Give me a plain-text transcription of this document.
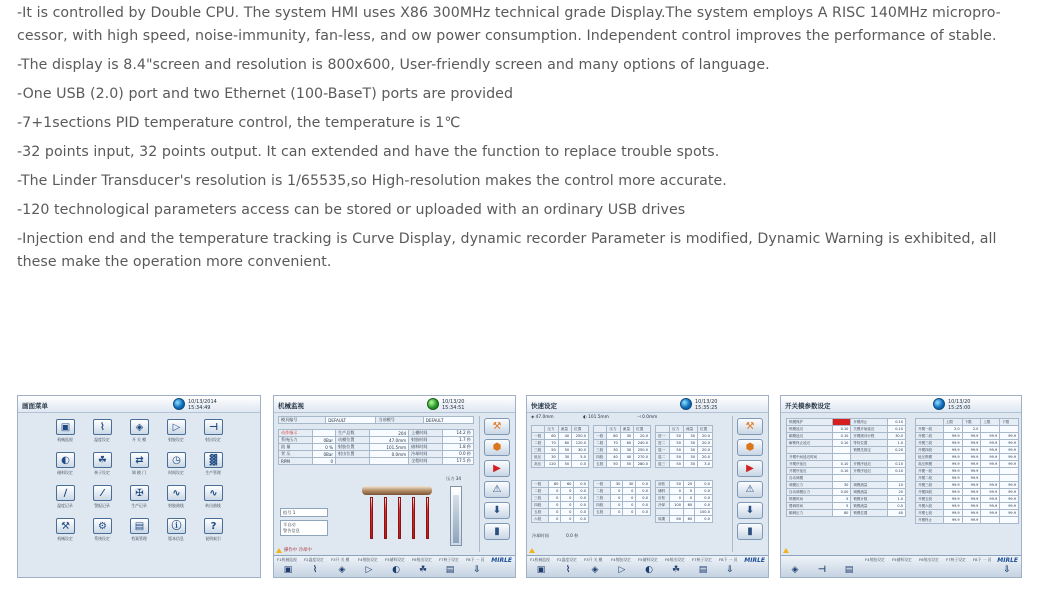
-It is controlled by Double CPU. The system HMI uses X86 300MHz technical grade Display.The system employs A RISC 140MHz micropro-
cessor, with high speed, noise-immunity, fan-less, and ow power consumption. Independent control improves the performance of stable.
-The display is 8.4"screen and resolution is 800x600, User-friendly screen and many options of language.
-One USB (2.0) port and two Ethernet (100-BaseT) ports are provided
-7+1sections PID temperature control, the temperature is 1℃
-32 points input, 32 points output. It can extended and have the function to replace trouble spots.
-The Linder Transducer's resolution is 1/65535,so High-resolution makes the control more accurate.
-120 technological parameters access can be stored or uploaded with an ordinary USB drives
-Injection end and the temperature tracking is Curve Display, dynamic recorder Parameter is modified, Dynamic Warning is exhibited, all
these make the operation more convenient.
画面菜单	10/13/2014
15:34:49
▣
机械监视
⌇
温度设定
◈
开 关 模
▷
射胶设定
⊣
射出设定
◐
储料设定
☘
核子设定
⇄
调 模 门
◷
时间设定
▓
生产管理
∕
温度记录
⁄
警报记录
✠
生产记录
∿
射胶曲线
∿
转出曲线
⚒
机械设定
⚙
系统设定
▤
档案管理
ⓘ
版本信息
?
说明索引
机械监视	10/13/20
15:34:51
模具编号	DEFAULT	当前模号	DEFAULT
动作指示		生产总数	204	上模时间	14.2 秒
系统压力	0Bar	动模位置	47.0mm	射胶时间	1.7 秒
流 量	0 %	射胶位置	101.5mm	储料时间	1.8 秒
背 压	0Bar	射出位置	0.0mm	冷却时间	0.0 秒
RPM	0			全程时间	17.5 秒
组号 1
半自动
警告信息
压力 34
⚒
⬢
▶
⚠
⬇
▮
操作中 冷却中
MIRLE
F1机械监视
▣
F2温度设定
⌇
F3开 关 模
◈
F4射胶设定
▷
F5储料设定
◐
F6射出设定
☘
F7核子设定
▤
F8下 一 頁
⇩
快速设定	10/13/20
15:35:25
◈ 47.0mm	◐ 101.5mm	⊣ 0.0mm
	压力	流量	位置
一段	60	40	250.0
二段	70	60	120.0
三段	50	50	30.0
低压	30	30	5.0
高压	120	50	0.0
	压力	流量	位置
一段	80	30	20.0
二段	70	60	240.0
三段	30	30	250.0
四段	40	40	270.0
五段	50	50	280.0
	压力	流量	位置
进一	50	30	20.0
进二	50	30	20.0
退一	50	30	20.0
退二	50	30	20.0
退三	50	30	3.0
一段	60	60	0.0
二段	0	0	0.0
三段	0	0	0.0
四段	0	0	0.0
五段	0	0	0.0
六段	0	0	0.0
一段	30	30	0.0
二段	0	0	0.0
三段	0	0	0.0
四段	0	0	0.0
五段	0	0	0.0
前松	50	20	0.0
储料	0	0	0.0
后松	0	0	0.0
冷却	100	60	0.0
			100.0
周期	60	60	0.0
冷却时间	0.0 秒
⚒
⬢
▶
⚠
⬇
▮
MIRLE
F1机械监视
▣
F2温度设定
⌇
F3开 关 模
◈
F4射胶设定
▷
F5储料设定
◐
F6射出设定
☘
F7核子设定
▤
F8下 一 頁
⇩
开关模参数设定	10/13/20
15:25:00
锁模保护		开模终止	0.10
锁模延迟	0.10	关模开始延迟	0.10
顺模延迟	0.10	开模缓冲行程	30.0
解锁终止延迟	0.10	等待位置	1.0
		锁模先指定	0.20
开模中间延迟时间			
开模序延迟	0.10	开模序延迟	0.10
开模序延迟	0.10	开模序延迟	0.10
自动调模			
调模压力	30	调模流量	10
自动调模压力	0.00	调模流量	20
锁模时间	5	锁模计数	1.0
慢调时间	5	锁模流量	0.5
顺调压力	80	锁模位置	40
	上限	下限	上限	下限
开模一段	2.0	2.0		
开模二段	99.9	99.9	99.9	99.9
开模三段	99.9	99.9	99.9	99.9
开模四段	99.9	99.9	99.9	99.9
低压锁模	99.9	99.9	99.9	99.9
高压锁模	99.9	99.9	99.9	99.9
开模一段	99.9	99.9		
开模二段	99.9	99.9		
开模三段	99.9	99.9	99.9	99.9
开模四段	99.9	99.9	99.9	99.9
开模五段	99.9	99.9	99.9	99.9
开模六段	99.9	99.9	99.9	99.9
开模七段	99.9	99.9	99.9	99.9
开模终止	99.9	99.9		
MIRLE
◈	⊣	▤
F4射胶设定 F5储料设定 F6射出设定 F7核子设定 F8下 一 頁
⇩
